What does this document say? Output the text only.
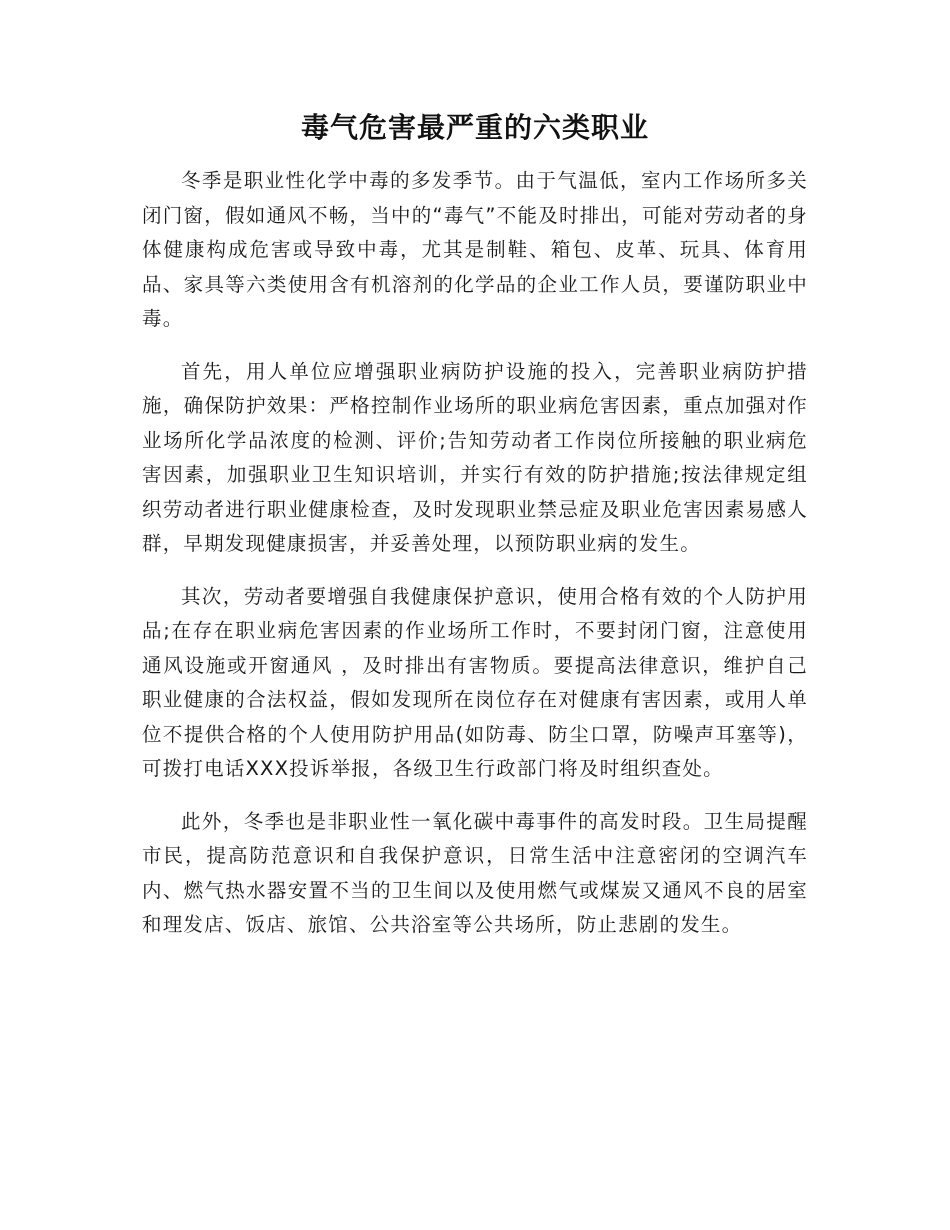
毒气危害最严重的六类职业

冬季是职业性化学中毒的多发季节。由于气温低，室内工作场所多关闭门窗，假如通风不畅，当中的“毒气”不能及时排出，可能对劳动者的身体健康构成危害或导致中毒，尤其是制鞋、箱包、皮革、玩具、体育用品、家具等六类使用含有机溶剂的化学品的企业工作人员，要谨防职业中毒。

首先，用人单位应增强职业病防护设施的投入，完善职业病防护措施，确保防护效果：严格控制作业场所的职业病危害因素，重点加强对作业场所化学品浓度的检测、评价;告知劳动者工作岗位所接触的职业病危害因素，加强职业卫生知识培训，并实行有效的防护措施;按法律规定组织劳动者进行职业健康检查，及时发现职业禁忌症及职业危害因素易感人群，早期发现健康损害，并妥善处理，以预防职业病的发生。

其次，劳动者要增强自我健康保护意识，使用合格有效的个人防护用品;在存在职业病危害因素的作业场所工作时，不要封闭门窗，注意使用通风设施或开窗通风 ，及时排出有害物质。要提高法律意识，维护自己职业健康的合法权益，假如发现所在岗位存在对健康有害因素，或用人单位不提供合格的个人使用防护用品(如防毒、防尘口罩，防噪声耳塞等)，可拨打电话XXX投诉举报，各级卫生行政部门将及时组织查处。

此外，冬季也是非职业性一氧化碳中毒事件的高发时段。卫生局提醒市民，提高防范意识和自我保护意识，日常生活中注意密闭的空调汽车内、燃气热水器安置不当的卫生间以及使用燃气或煤炭又通风不良的居室和理发店、饭店、旅馆、公共浴室等公共场所，防止悲剧的发生。
